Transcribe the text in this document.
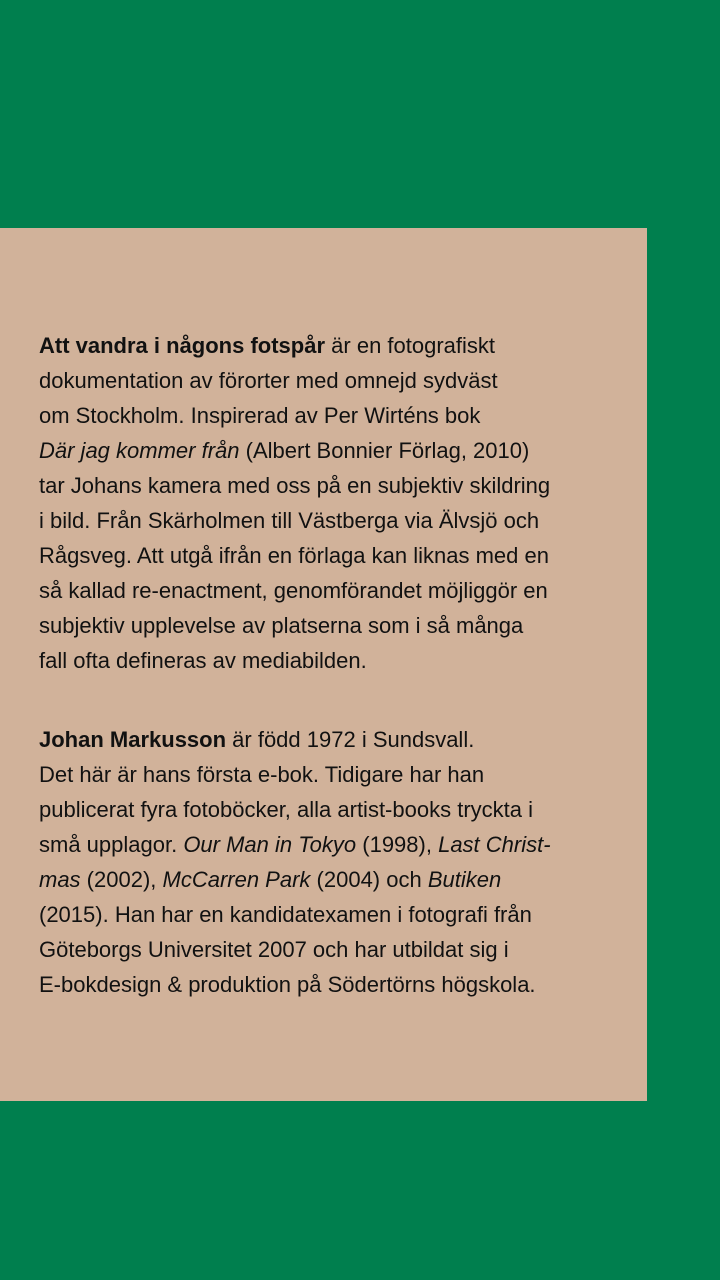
Att vandra i någons fotspår är en fotografiskt
dokumentation av förorter med omnejd sydväst
om Stockholm. Inspirerad av Per Wirténs bok
Där jag kommer från (Albert Bonnier Förlag, 2010)
tar Johans kamera med oss på en subjektiv skildring
i bild. Från Skärholmen till Västberga via Älvsjö och
Rågsveg. Att utgå ifrån en förlaga kan liknas med en
så kallad re-enactment, genomförandet möjliggör en
subjektiv upplevelse av platserna som i så många
fall ofta defineras av mediabilden.
Johan Markusson är född 1972 i Sundsvall.
Det här är hans första e-bok. Tidigare har han
publicerat fyra fotoböcker, alla artist-books tryckta i
små upplagor. Our Man in Tokyo (1998), Last Christ-
mas (2002), McCarren Park (2004) och Butiken
(2015). Han har en kandidatexamen i fotografi från
Göteborgs Universitet 2007 och har utbildat sig i
E-bokdesign & produktion på Södertörns högskola.
